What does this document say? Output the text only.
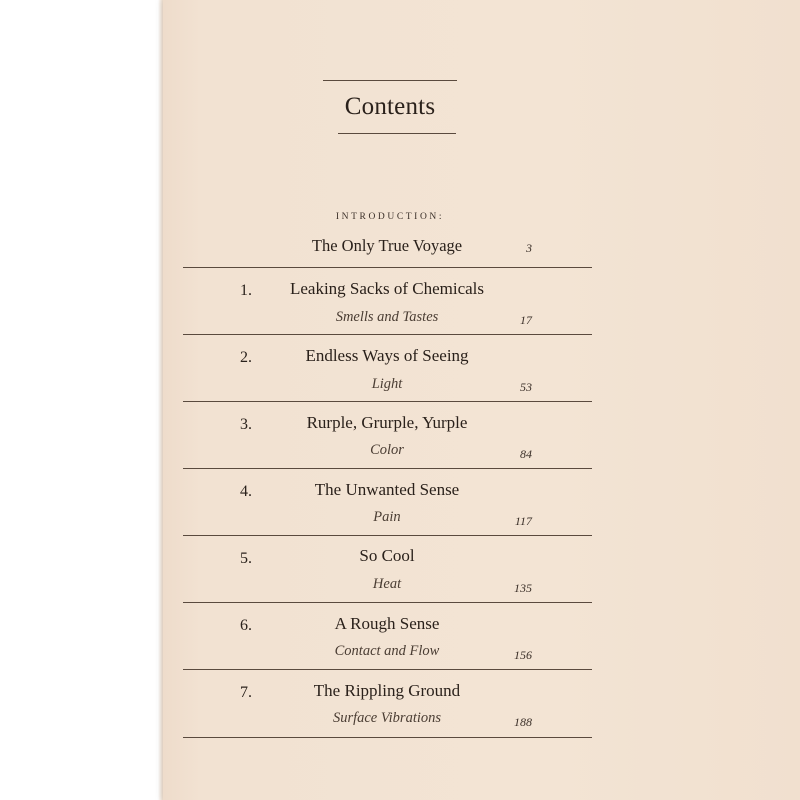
Contents
INTRODUCTION:
The Only True Voyage	3
1.	Leaking Sacks of Chemicals
Smells and Tastes	17
2.	Endless Ways of Seeing
Light	53
3.	Rurple, Grurple, Yurple
Color	84
4.	The Unwanted Sense
Pain	117
5.	So Cool
Heat	135
6.	A Rough Sense
Contact and Flow	156
7.	The Rippling Ground
Surface Vibrations	188
